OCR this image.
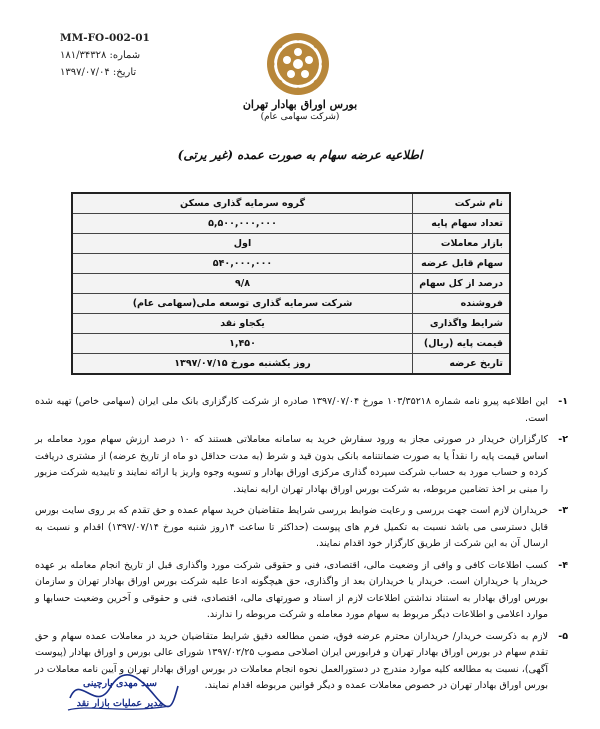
MM-FO-002-01
شماره: ۱۸۱/۳۴۳۲۸
تاریخ: ۱۳۹۷/۰۷/۰۴
بورس اوراق بهادار تهران
(شرکت سهامی عام)
اطلاعیه عرضه سهام به صورت عمده (غیر یرتی)
نام شرکت	گروه سرمایه گذاری مسکن
تعداد سهام پایه	۵,۵۰۰,۰۰۰,۰۰۰
بازار معاملات	اول
سهام قابل عرضه	۵۴۰,۰۰۰,۰۰۰
درصد از کل سهام	۹/۸
فروشنده	شرکت سرمایه گذاری توسعه ملی(سهامی عام)
شرایط واگذاری	یکجاو نقد
قیمت پایه (ریال)	۱,۴۵۰
تاریخ عرضه	روز یکشنبه مورخ ۱۳۹۷/۰۷/۱۵
۱-
این اطلاعیه پیرو نامه شماره ۱۰۳/۳۵۲۱۸ مورخ ۱۳۹۷/۰۷/۰۴ صادره از شرکت کارگزاری بانک ملی ایران (سهامی خاص) تهیه شده است.
۲-
کارگزاران خریدار در صورتی مجاز به ورود سفارش خرید به سامانه معاملاتی هستند که ۱۰ درصد ارزش سهام مورد معامله بر اساس قیمت پایه را نقداً یا به صورت ضمانتنامه بانکی بدون قید و شرط (به مدت حداقل دو ماه از تاریخ عرضه) از مشتری دریافت کرده و حساب مورد به حساب شرکت سپرده گذاری مرکزی اوراق بهادار و تسویه وجوه واریز یا ارائه نمایند و تاییدیه شرکت مزبور را مبنی بر اخذ تضامین مربوطه، به شرکت بورس اوراق بهادار تهران ارایه نمایند.
۳-
خریداران لازم است جهت بررسی و رعایت ضوابط بررسی شرایط متقاضیان خرید سهام عمده و حق تقدم که بر روی سایت بورس قابل دسترسی می باشد نسبت به تکمیل فرم های پیوست (حداکثر تا ساعت ۱۴روز شنبه مورخ ۱۳۹۷/۰۷/۱۴) اقدام و نسبت به ارسال آن به این شرکت از طریق کارگزار خود اقدام نمایند.
۴-
کسب اطلاعات کافی و وافی از وضعیت مالی، اقتصادی، فنی و حقوقی شرکت مورد واگذاری قبل از تاریخ انجام معامله بر عهده خریدار یا خریداران است. خریدار یا خریداران بعد از واگذاری، حق هیچگونه ادعا علیه شرکت بورس اوراق بهادار تهران و سازمان بورس اوراق بهادار به استناد نداشتن اطلاعات لازم از اسناد و صورتهای مالی، اقتصادی، فنی و حقوقی و آخرین وضعیت حسابها و موارد اعلامی و اطلاعات دیگر مربوط به سهام مورد معامله و شرکت مربوطه را ندارند.
۵-
لازم به ذکرست خریدار/ خریداران محترم عرضه فوق، ضمن مطالعه دقیق شرایط متقاضیان خرید در معاملات عمده سهام و حق تقدم سهام در بورس اوراق بهادار تهران و فرابورس ایران اصلاحی مصوب ۱۳۹۷/۰۲/۲۵ شورای عالی بورس و اوراق بهادار (پیوست آگهی)، نسبت به مطالعه کلیه موارد مندرج در دستورالعمل نحوه انجام معاملات در بورس اوراق بهادار تهران و آیین نامه معاملات در بورس اوراق بهادار تهران در خصوص معاملات عمده و دیگر قوانین مربوطه اقدام نمایند.
سید مهدی بارچینی
مدیر عملیات بازار نقد
